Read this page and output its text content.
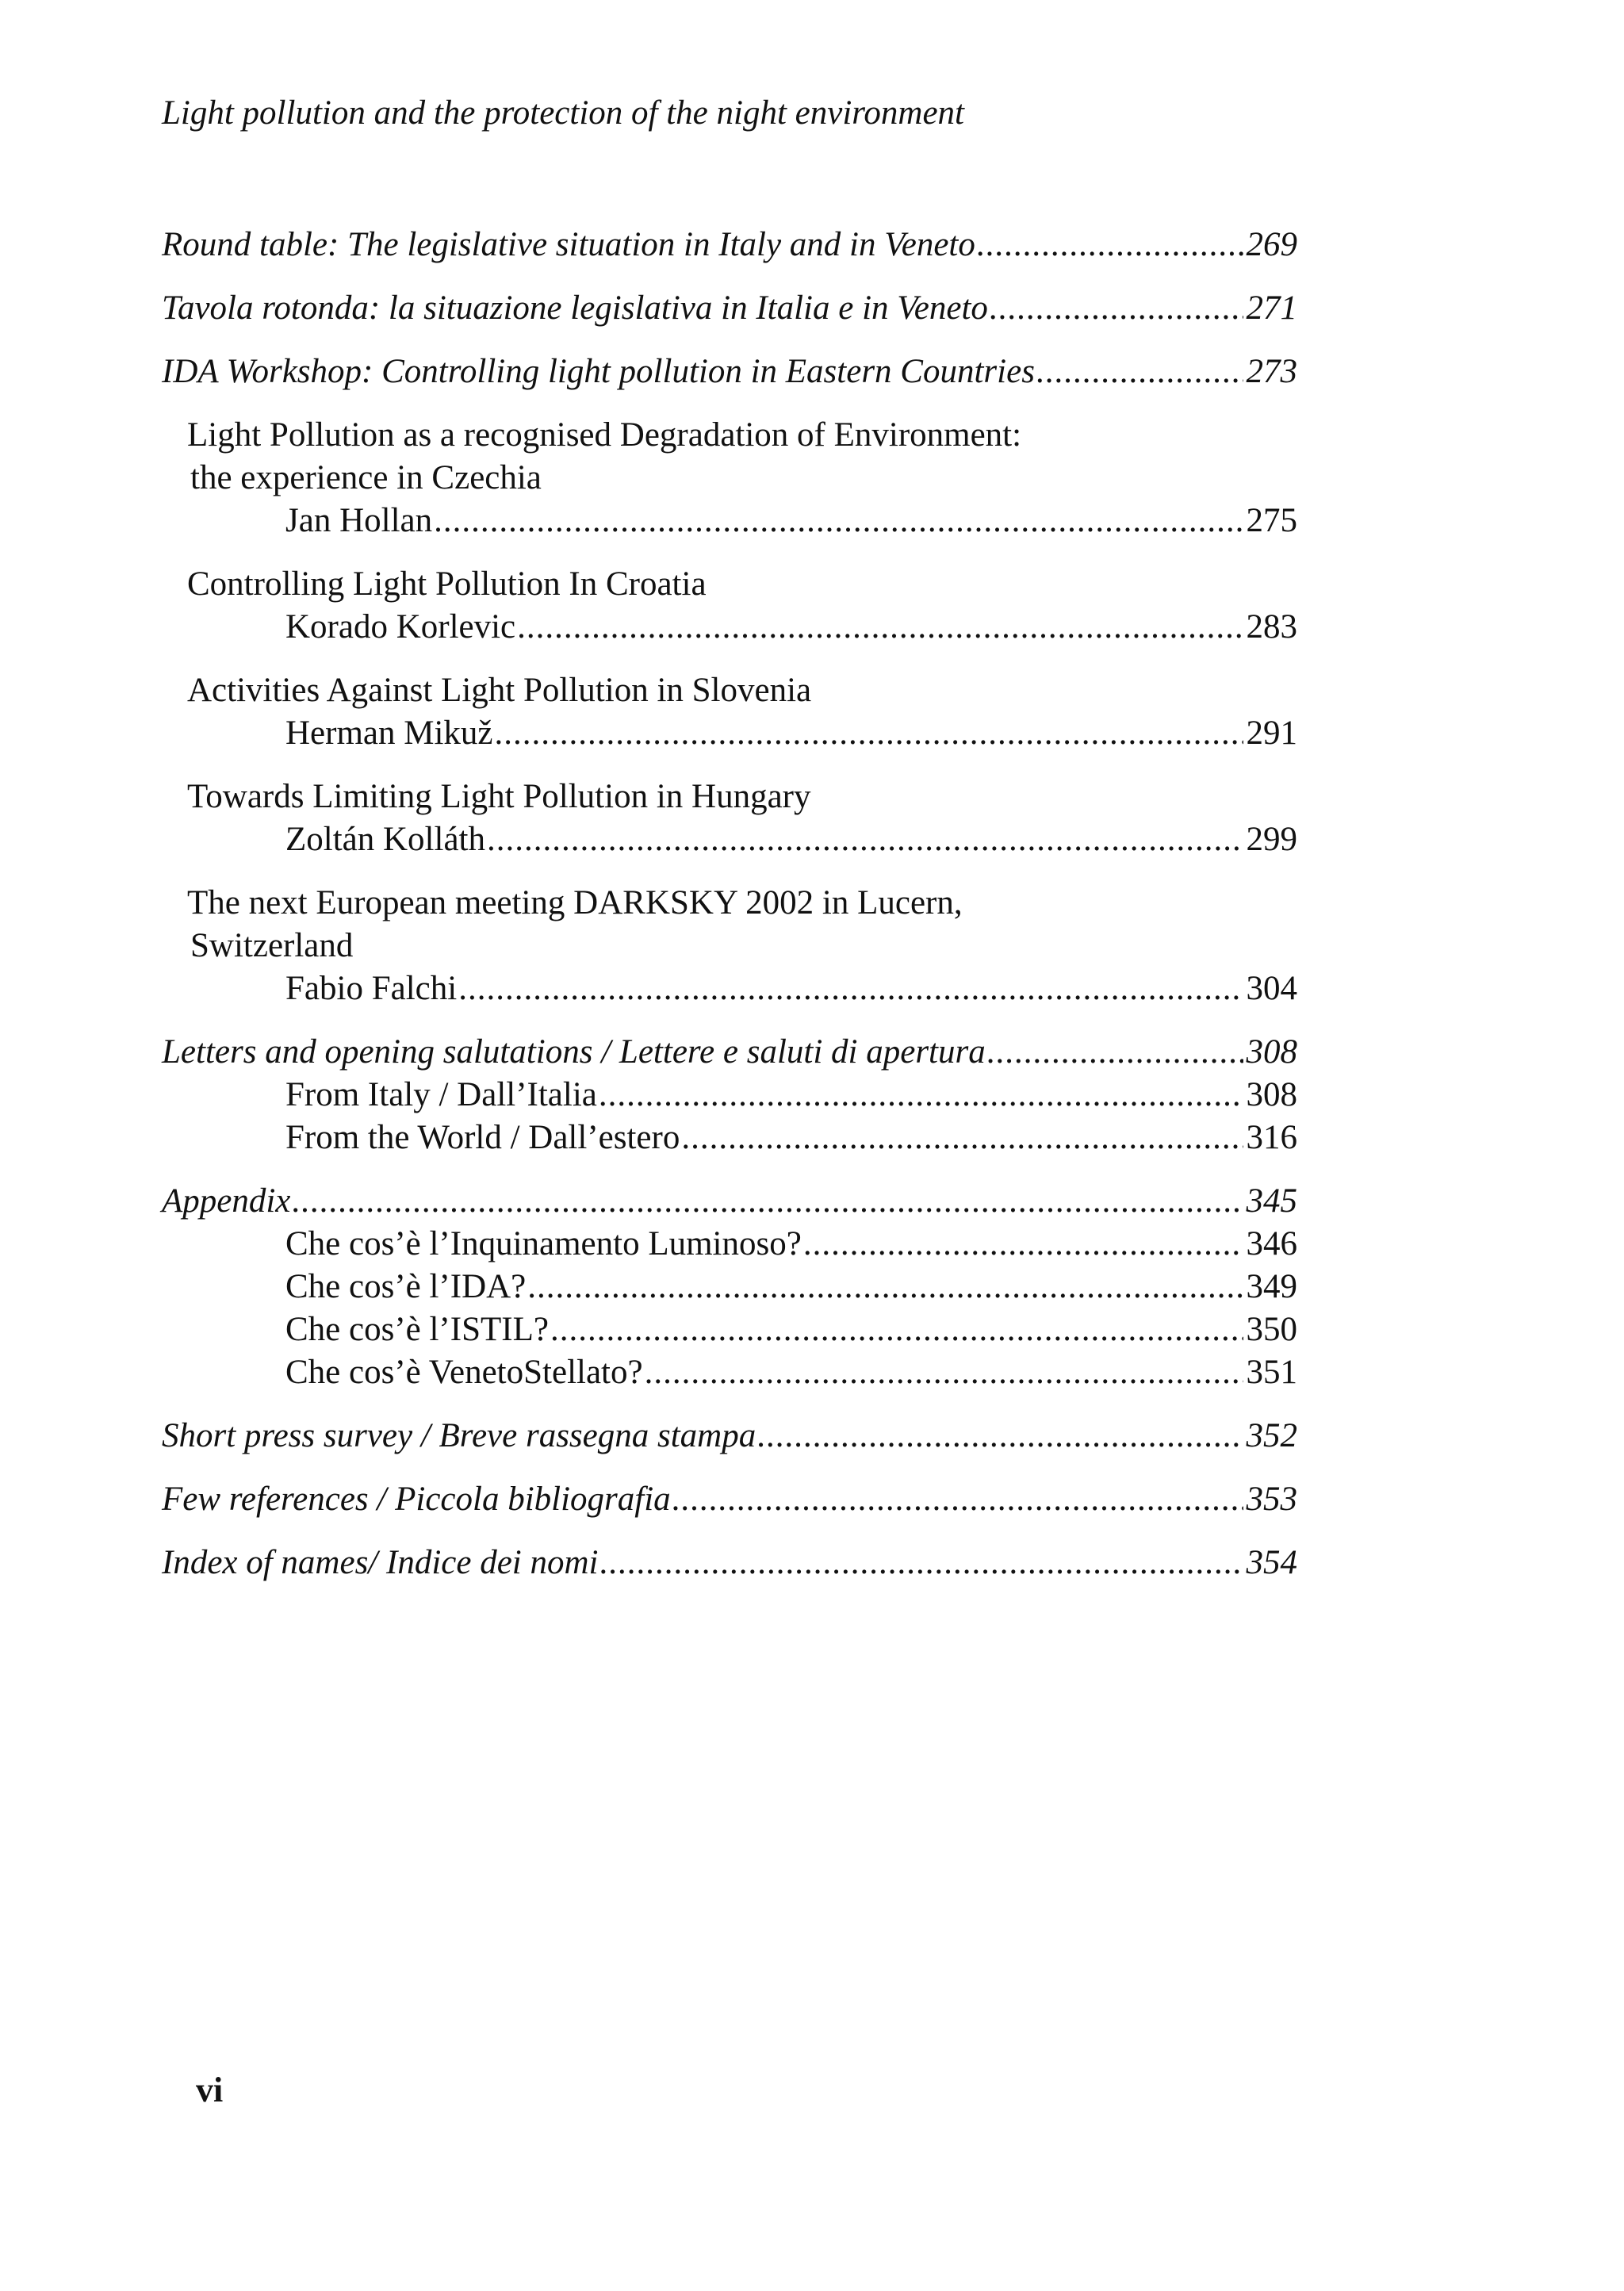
Light pollution and the protection of the night environment
Round table: The legislative situation in Italy and in Veneto .....	269
Tavola rotonda: la situazione legislativa in Italia e in Veneto .....	271
IDA Workshop: Controlling light pollution in Eastern Countries .....	273
Light Pollution as a recognised Degradation of Environment:
the experience in Czechia
Jan Hollan .....	275
Controlling Light Pollution In Croatia
Korado Korlevic .....	283
Activities Against Light Pollution in Slovenia
Herman Mikuž .....	291
Towards Limiting Light Pollution in Hungary
Zoltán Kolláth .....	299
The next European meeting DARKSKY 2002 in Lucern,
Switzerland
Fabio Falchi .....	304
Letters and opening salutations / Lettere e saluti di apertura .....	308
From Italy / Dall’Italia .....	308
From the World / Dall’estero .....	316
Appendix .....	345
Che cos’è l’Inquinamento Luminoso? .....	346
Che cos’è l’IDA? .....	349
Che cos’è l’ISTIL? .....	350
Che cos’è VenetoStellato? .....	351
Short press survey / Breve rassegna stampa .....	352
Few references / Piccola bibliografia .....	353
Index of names/ Indice dei nomi .....	354
vi
